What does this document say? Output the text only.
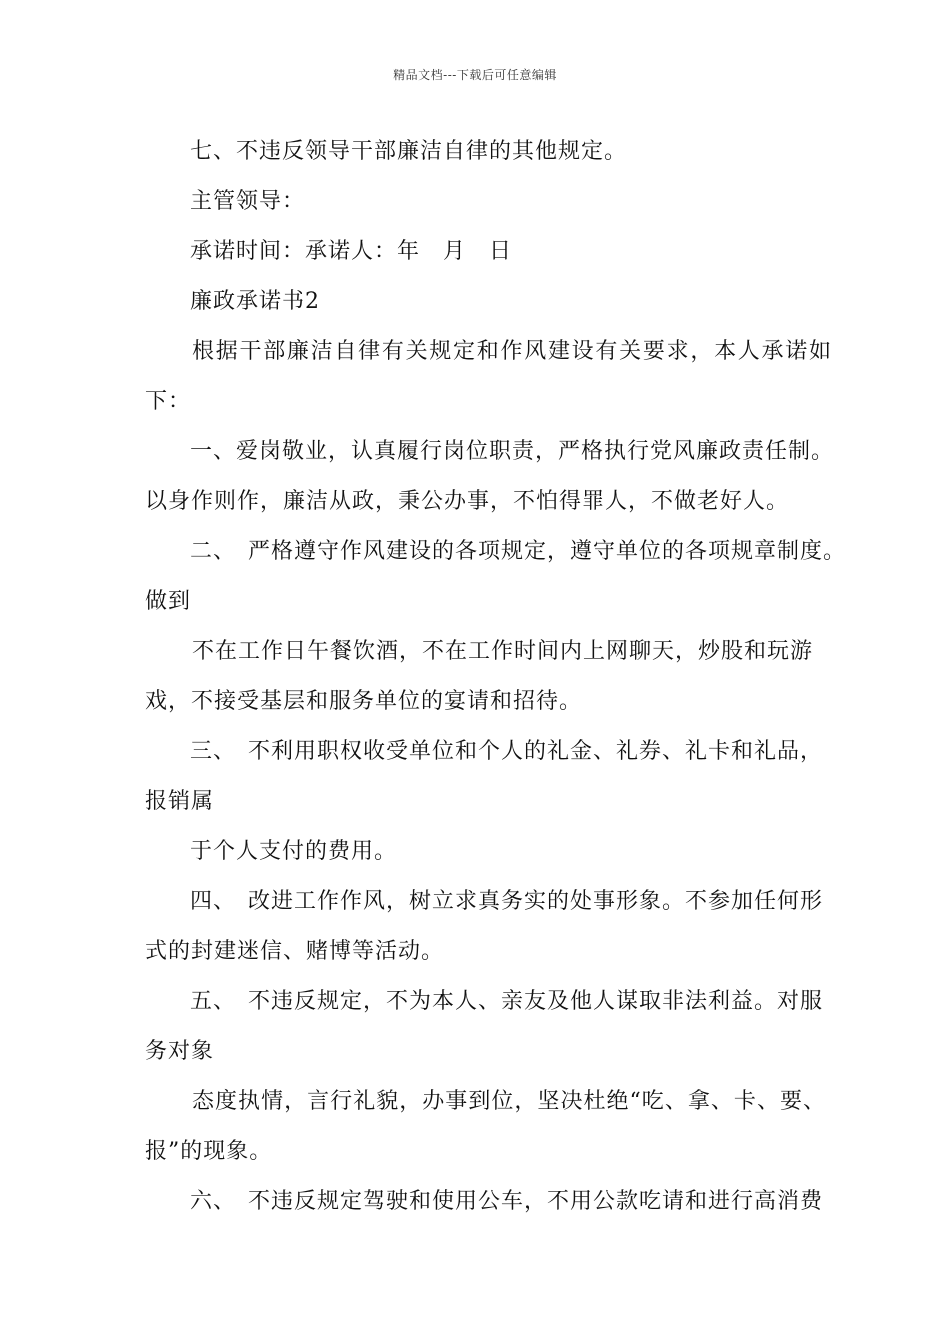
精品文档---下载后可任意编辑
七、不违反领导干部廉洁自律的其他规定。
主管领导：
承诺时间：承诺人：年　月　日
廉政承诺书2
根据干部廉洁自律有关规定和作风建设有关要求，本人承诺如
下：
一、爱岗敬业，认真履行岗位职责，严格执行党风廉政责任制。
以身作则作，廉洁从政，秉公办事，不怕得罪人，不做老好人。
二、　严格遵守作风建设的各项规定，遵守单位的各项规章制度。
做到
不在工作日午餐饮酒，不在工作时间内上网聊天，炒股和玩游
戏，不接受基层和服务单位的宴请和招待。
三、　不利用职权收受单位和个人的礼金、礼券、礼卡和礼品，
报销属
于个人支付的费用。
四、　改进工作作风，树立求真务实的处事形象。不参加任何形
式的封建迷信、赌博等活动。
五、　不违反规定，不为本人、亲友及他人谋取非法利益。对服
务对象
态度执情，言行礼貌，办事到位，坚决杜绝“吃、拿、卡、要、
报”的现象。
六、　不违反规定驾驶和使用公车，不用公款吃请和进行高消费
